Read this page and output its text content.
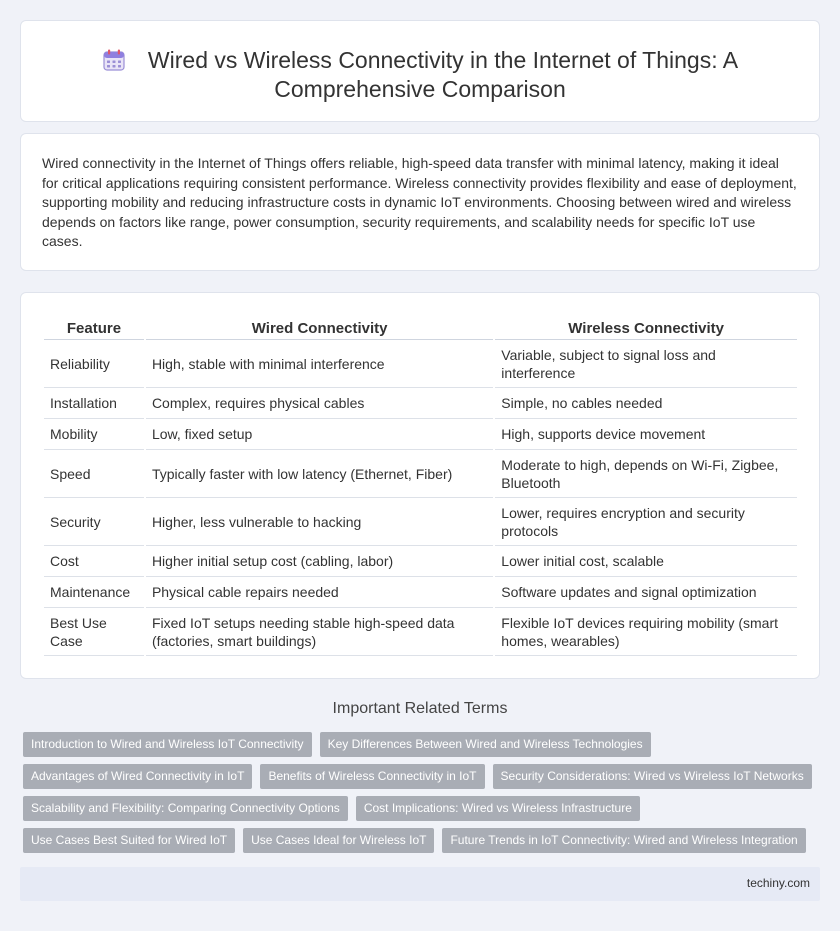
Wired vs Wireless Connectivity in the Internet of Things: A Comprehensive Comparison

Wired connectivity in the Internet of Things offers reliable, high-speed data transfer with minimal latency, making it ideal for critical applications requiring consistent performance. Wireless connectivity provides flexibility and ease of deployment, supporting mobility and reducing infrastructure costs in dynamic IoT environments. Choosing between wired and wireless depends on factors like range, power consumption, security requirements, and scalability needs for specific IoT use cases.

Feature	Wired Connectivity	Wireless Connectivity
Reliability	High, stable with minimal interference	Variable, subject to signal loss and interference
Installation	Complex, requires physical cables	Simple, no cables needed
Mobility	Low, fixed setup	High, supports device movement
Speed	Typically faster with low latency (Ethernet, Fiber)	Moderate to high, depends on Wi-Fi, Zigbee, Bluetooth
Security	Higher, less vulnerable to hacking	Lower, requires encryption and security protocols
Cost	Higher initial setup cost (cabling, labor)	Lower initial cost, scalable
Maintenance	Physical cable repairs needed	Software updates and signal optimization
Best Use Case	Fixed IoT setups needing stable high-speed data (factories, smart buildings)	Flexible IoT devices requiring mobility (smart homes, wearables)
Important Related Terms
Introduction to Wired and Wireless IoT Connectivity	Key Differences Between Wired and Wireless Technologies
Advantages of Wired Connectivity in IoT	Benefits of Wireless Connectivity in IoT	Security Considerations: Wired vs Wireless IoT Networks
Scalability and Flexibility: Comparing Connectivity Options	Cost Implications: Wired vs Wireless Infrastructure
Use Cases Best Suited for Wired IoT	Use Cases Ideal for Wireless IoT	Future Trends in IoT Connectivity: Wired and Wireless Integration
techiny.com
